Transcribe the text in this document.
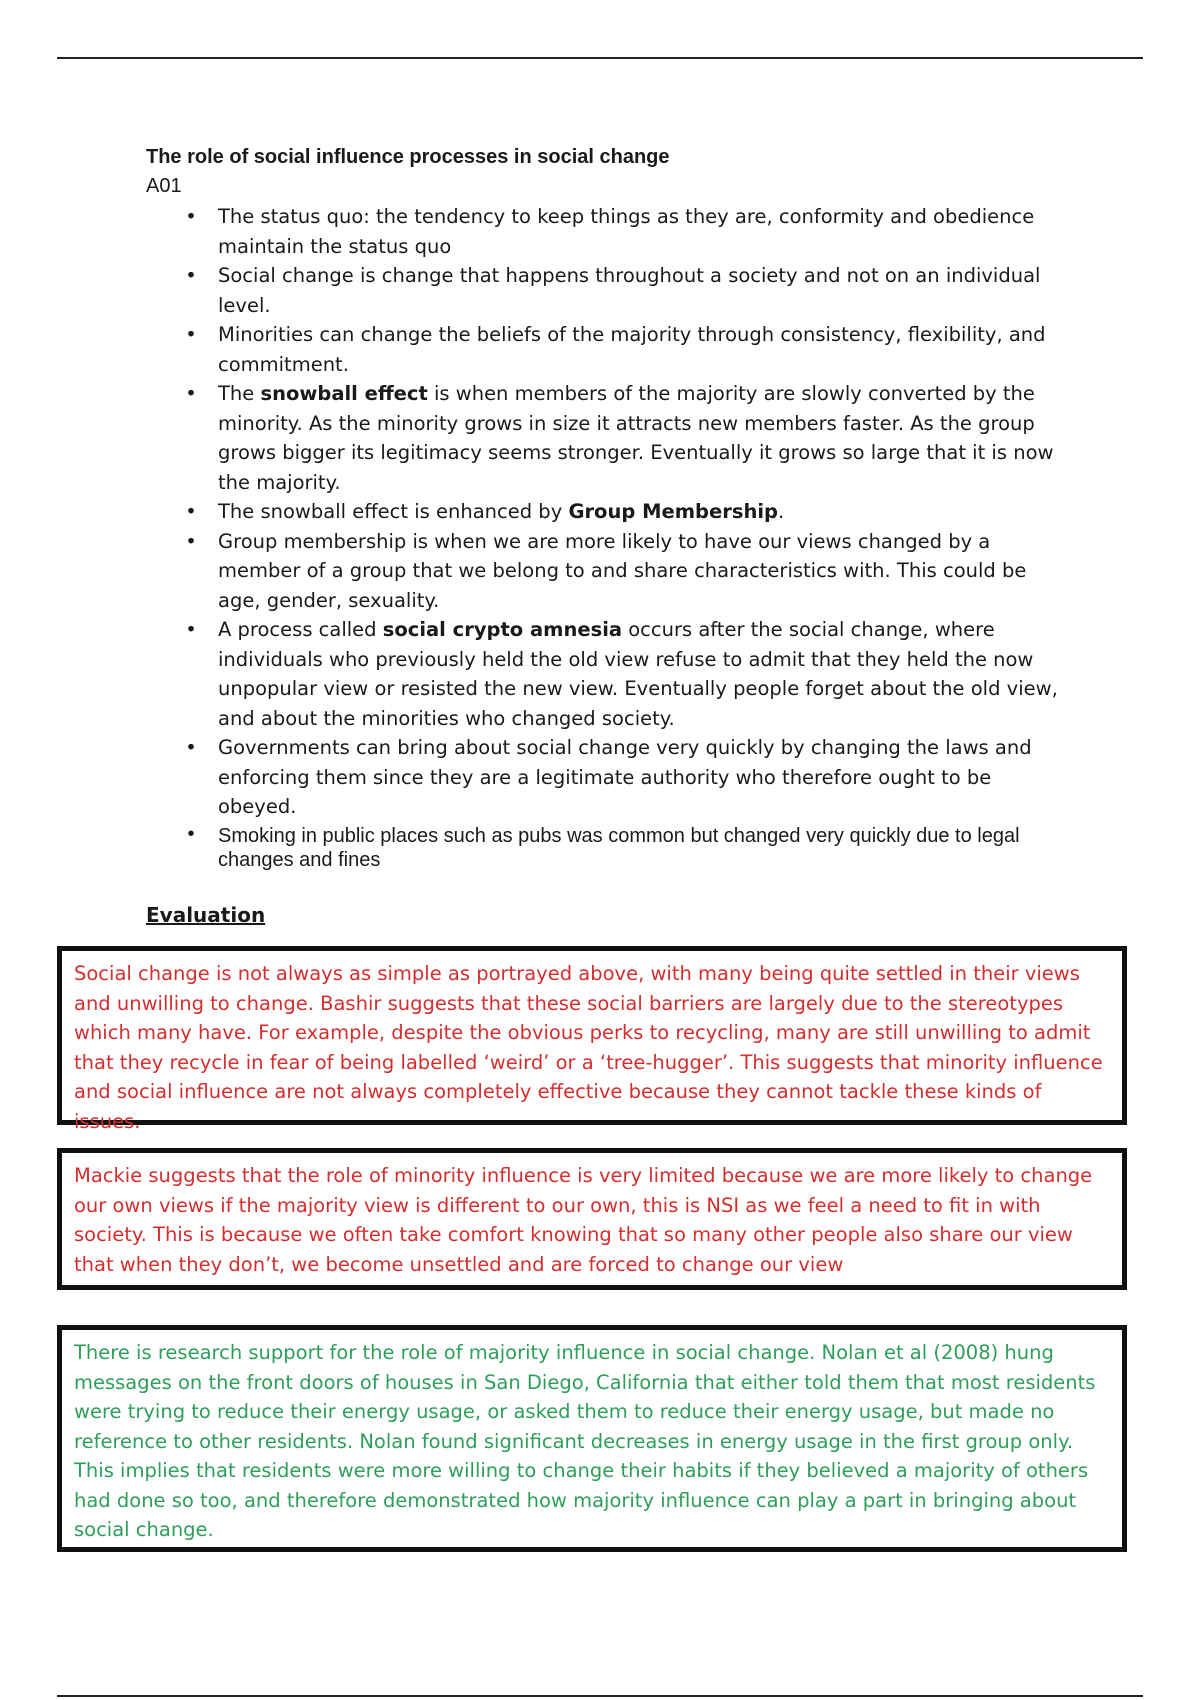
The role of social influence processes in social change
A01
• The status quo: the tendency to keep things as they are, conformity and obedience maintain the status quo
• Social change is change that happens throughout a society and not on an individual level.
• Minorities can change the beliefs of the majority through consistency, flexibility, and commitment.
• The snowball effect is when members of the majority are slowly converted by the minority. As the minority grows in size it attracts new members faster. As the group grows bigger its legitimacy seems stronger. Eventually it grows so large that it is now the majority.
• The snowball effect is enhanced by Group Membership.
• Group membership is when we are more likely to have our views changed by a member of a group that we belong to and share characteristics with. This could be age, gender, sexuality.
• A process called social crypto amnesia occurs after the social change, where individuals who previously held the old view refuse to admit that they held the now unpopular view or resisted the new view. Eventually people forget about the old view, and about the minorities who changed society.
• Governments can bring about social change very quickly by changing the laws and enforcing them since they are a legitimate authority who therefore ought to be obeyed.
• Smoking in public places such as pubs was common but changed very quickly due to legal changes and fines
Evaluation
Social change is not always as simple as portrayed above, with many being quite settled in their views and unwilling to change. Bashir suggests that these social barriers are largely due to the stereotypes which many have. For example, despite the obvious perks to recycling, many are still unwilling to admit that they recycle in fear of being labelled ‘weird’ or a ‘tree-hugger’. This suggests that minority influence and social influence are not always completely effective because they cannot tackle these kinds of issues.
Mackie suggests that the role of minority influence is very limited because we are more likely to change our own views if the majority view is different to our own, this is NSI as we feel a need to fit in with society. This is because we often take comfort knowing that so many other people also share our view that when they don’t, we become unsettled and are forced to change our view
There is research support for the role of majority influence in social change. Nolan et al (2008) hung messages on the front doors of houses in San Diego, California that either told them that most residents were trying to reduce their energy usage, or asked them to reduce their energy usage, but made no reference to other residents. Nolan found significant decreases in energy usage in the first group only. This implies that residents were more willing to change their habits if they believed a majority of others had done so too, and therefore demonstrated how majority influence can play a part in bringing about social change.
